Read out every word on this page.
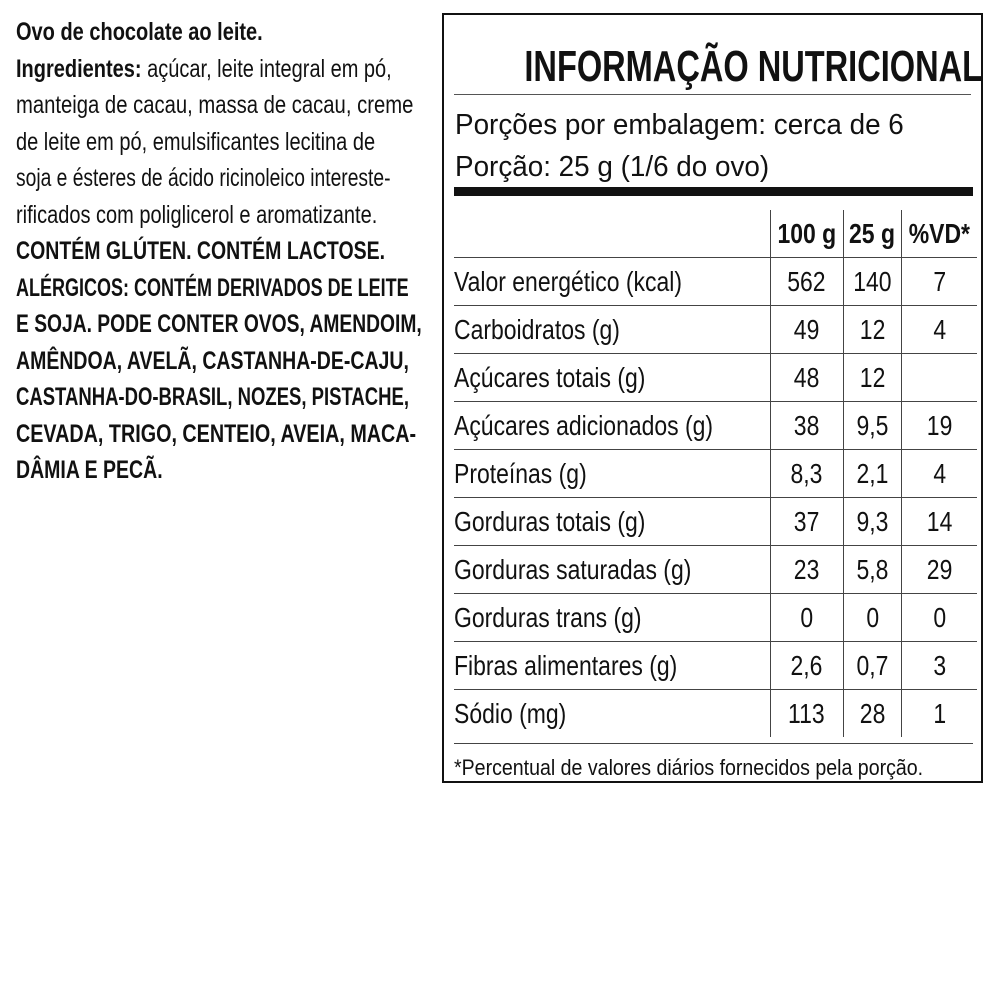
Ovo de chocolate ao leite.
Ingredientes: açúcar, leite integral em pó,
manteiga de cacau, massa de cacau, creme
de leite em pó, emulsificantes lecitina de
soja e ésteres de ácido ricinoleico intereste-
rificados com poliglicerol e aromatizante.
CONTÉM GLÚTEN. CONTÉM LACTOSE.
ALÉRGICOS: CONTÉM DERIVADOS DE LEITE
E SOJA. PODE CONTER OVOS, AMENDOIM,
AMÊNDOA, AVELÃ, CASTANHA-DE-CAJU,
CASTANHA-DO-BRASIL, NOZES, PISTACHE,
CEVADA, TRIGO, CENTEIO, AVEIA, MACA-
DÂMIA E PECÃ.
INFORMAÇÃO NUTRICIONAL
Porções por embalagem: cerca de 6
Porção: 25 g (1/6 do ovo)
	100 g	25 g	%VD*
Valor energético (kcal)	562	140	7
Carboidratos (g)	49	12	4
Açúcares totais (g)	48	12	
Açúcares adicionados (g)	38	9,5	19
Proteínas (g)	8,3	2,1	4
Gorduras totais (g)	37	9,3	14
Gorduras saturadas (g)	23	5,8	29
Gorduras trans (g)	0	0	0
Fibras alimentares (g)	2,6	0,7	3
Sódio (mg)	113	28	1
*Percentual de valores diários fornecidos pela porção.
